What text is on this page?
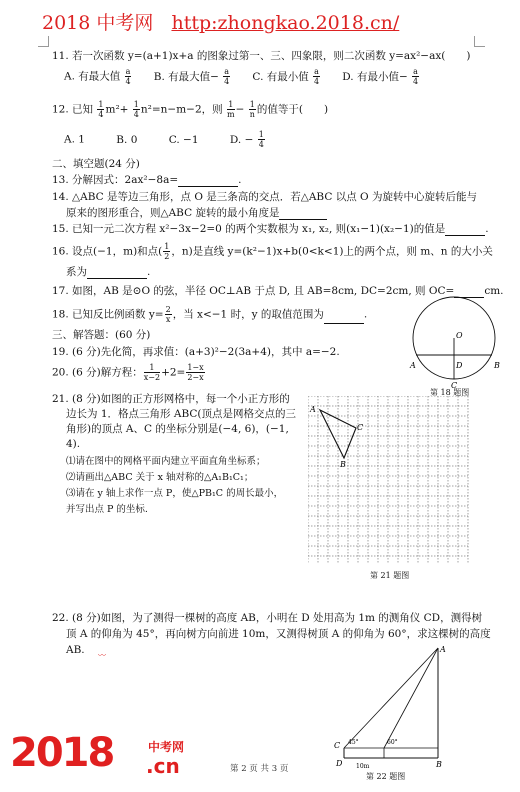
2018 中考网 http:zhongkao.2018.cn/
11. 若一次函数 y=(a+1)x+a 的图象过第一、三、四象限，则二次函数 y=ax²−ax(　　)
A. 有最大值 $\frac{a}{4} B$. 有最大值− $\frac{a}{4} C$. 有最小值 $\frac{a}{4} D$. 有最小值− $\frac{a}{4}$
12. 已知 $\frac{1}{4} m^2+ \frac{1}{4} n^2=n-m-2$，则 $\frac{1}{m} - \frac{1}{n}$ 的值等于(　　)
A. 1	B. 0	C. −1	D. − $\frac{1}{4}$
二、填空题(24 分)
13. 分解因式：2ax²−8a=	.
14. △ABC 是等边三角形，点 O 是三条高的交点．若△ABC 以点 O 为旋转中心旋转后能与
原来的图形重合，则△ABC 旋转的最小角度是
15. 已知一元二次方程 x²−3x−2=0 的两个实数根为 x₁, x₂, 则(x₁−1)(x₂−1)的值是	.
16. 设点(−1，m)和点( $\frac{1}{2}$ ，n)是直线 y=(k²−1)x+b(0<k<1)上的两个点，则 m、n 的大小关
系为	.
17. 如图，AB 是⊙O 的弦，半径 OC⊥AB 于点 D, 且 AB=8cm, DC=2cm, 则 OC=	cm.
18. 已知反比例函数 $y= \frac{2}{x}$ ，当 x<−1 时，y 的取值范围为	.
三、解答题：(60 分)
19. (6 分)先化简，再求值：(a+3)²−2(3a+4)，其中 a=−2.
20. (6 分)解方程： $\frac{1}{x-2} +2= \frac{1-x}{2-x}$
21. (8 分)如图的正方形网格中，每一个小正方形的
边长为 1．格点三角形 ABC(顶点是网格交点的三
角形)的顶点 A、C 的坐标分别是(−4, 6)，(−1,
4).
⑴请在图中的网格平面内建立平面直角坐标系；
⑵请画出△ABC 关于 x 轴对称的△A₁B₁C₁；
⑶请在 y 轴上求作一点 P，使△PB₁C 的周长最小，
并写出点 P 的坐标.
22. (8 分)如图，为了测得一棵树的高度 AB，小明在 D 处用高为 1m 的测角仪 CD，测得树
顶 A 的仰角为 45°，再向树方向前进 10m，又测得树顶 A 的仰角为 60°，求这棵树的高度
AB. 〰
A	B
D
C
O
第 18 题图
A
C
B
第 21 题图
A
B
C
D
45°	60°
10m
第 22 题图
第 2 页 共 3 页
2018	中考网
.cn
